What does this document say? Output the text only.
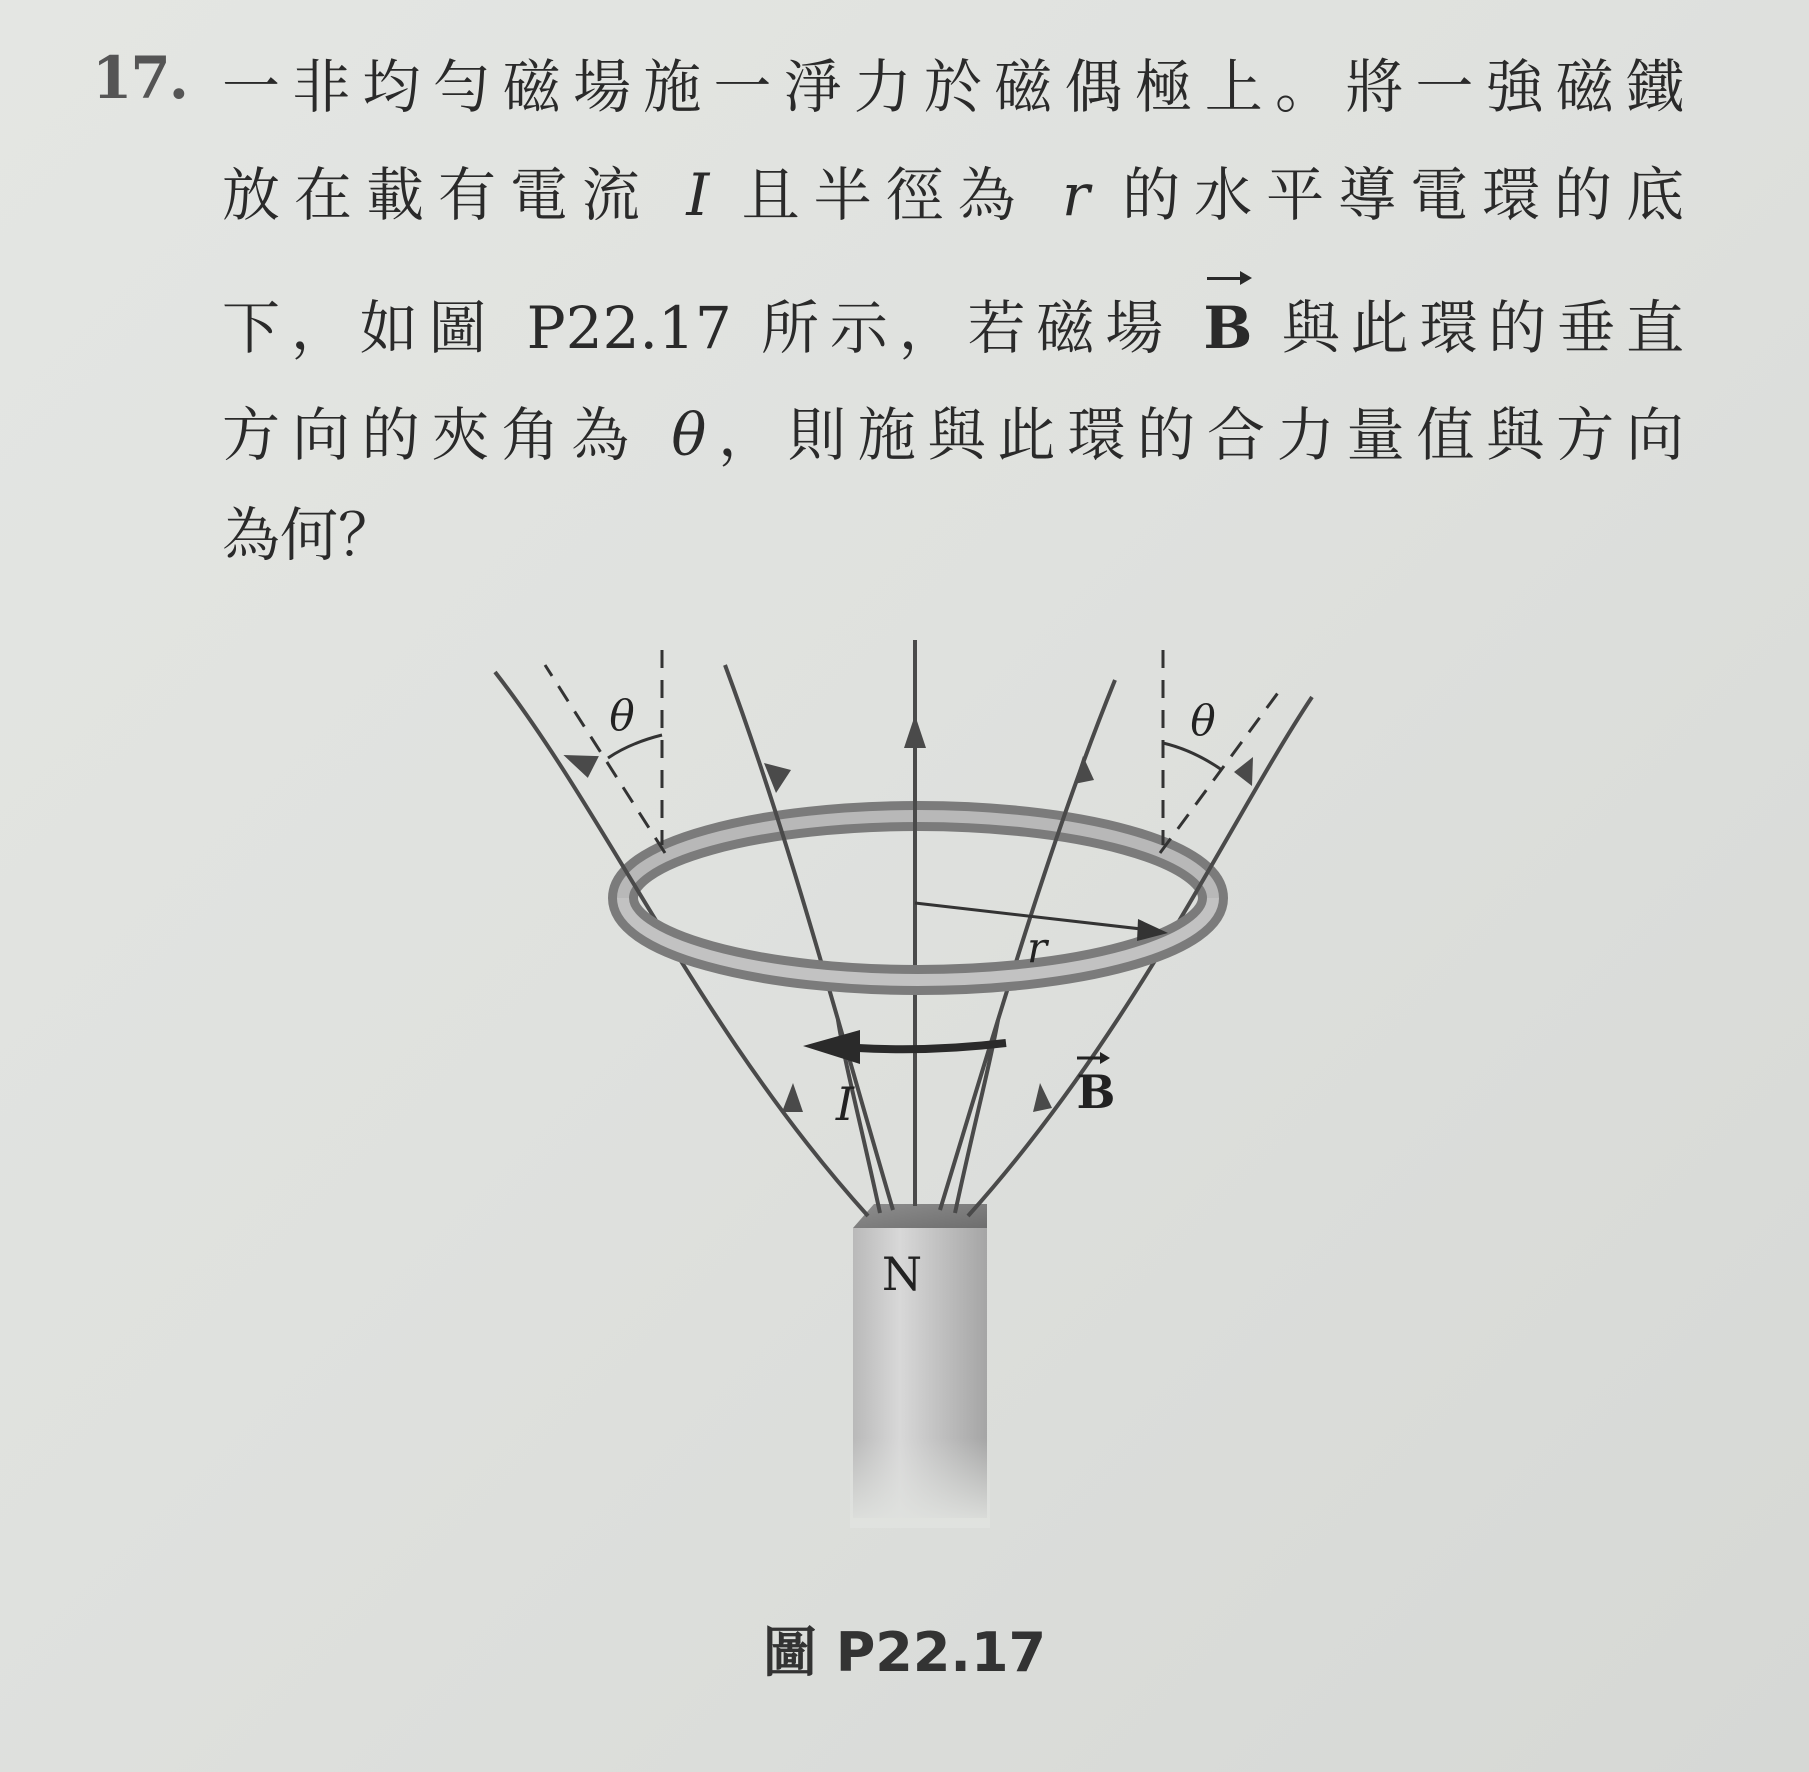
17. 一非均勻磁場施一淨力於磁偶極上。將一強磁鐵
放在載有電流 I 且半徑為 r 的水平導電環的底
下，如圖 P22.17 所示，若磁場 B 與此環的垂直
方向的夾角為 θ，則施與此環的合力量值與方向
為何？
N
θ	θ
r
I	B
圖 P22.17
